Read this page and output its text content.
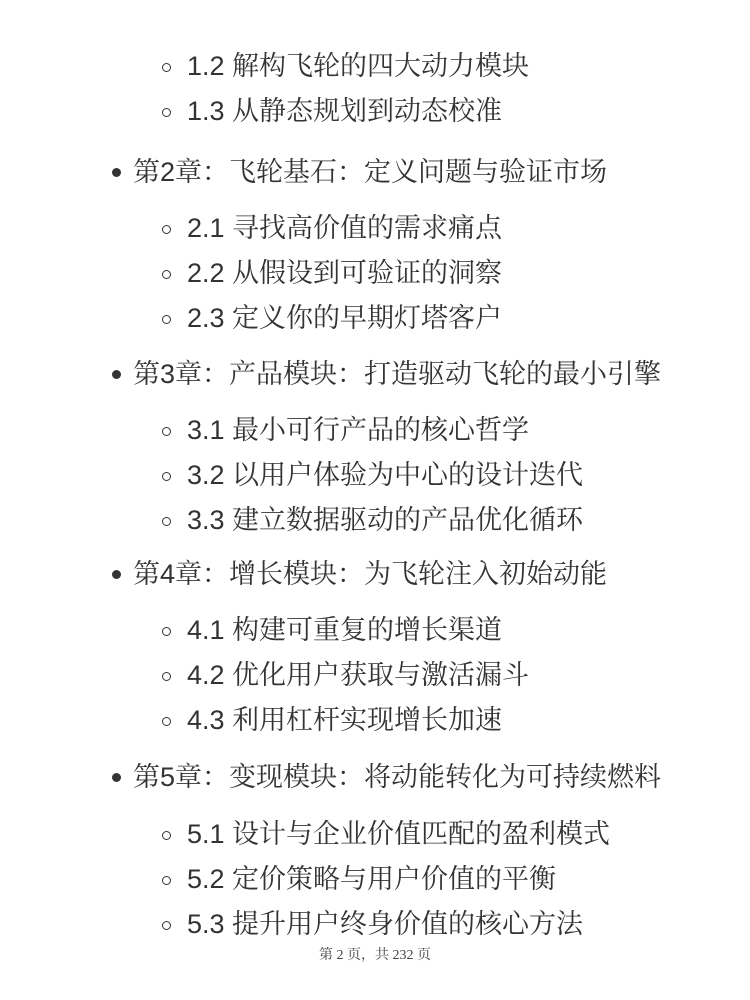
1.2 解构飞轮的四大动力模块
1.3 从静态规划到动态校准
第2章：飞轮基石：定义问题与验证市场
2.1 寻找高价值的需求痛点
2.2 从假设到可验证的洞察
2.3 定义你的早期灯塔客户
第3章：产品模块：打造驱动飞轮的最小引擎
3.1 最小可行产品的核心哲学
3.2 以用户体验为中心的设计迭代
3.3 建立数据驱动的产品优化循环
第4章：增长模块：为飞轮注入初始动能
4.1 构建可重复的增长渠道
4.2 优化用户获取与激活漏斗
4.3 利用杠杆实现增长加速
第5章：变现模块：将动能转化为可持续燃料
5.1 设计与企业价值匹配的盈利模式
5.2 定价策略与用户价值的平衡
5.3 提升用户终身价值的核心方法
第 2 页，共 232 页
